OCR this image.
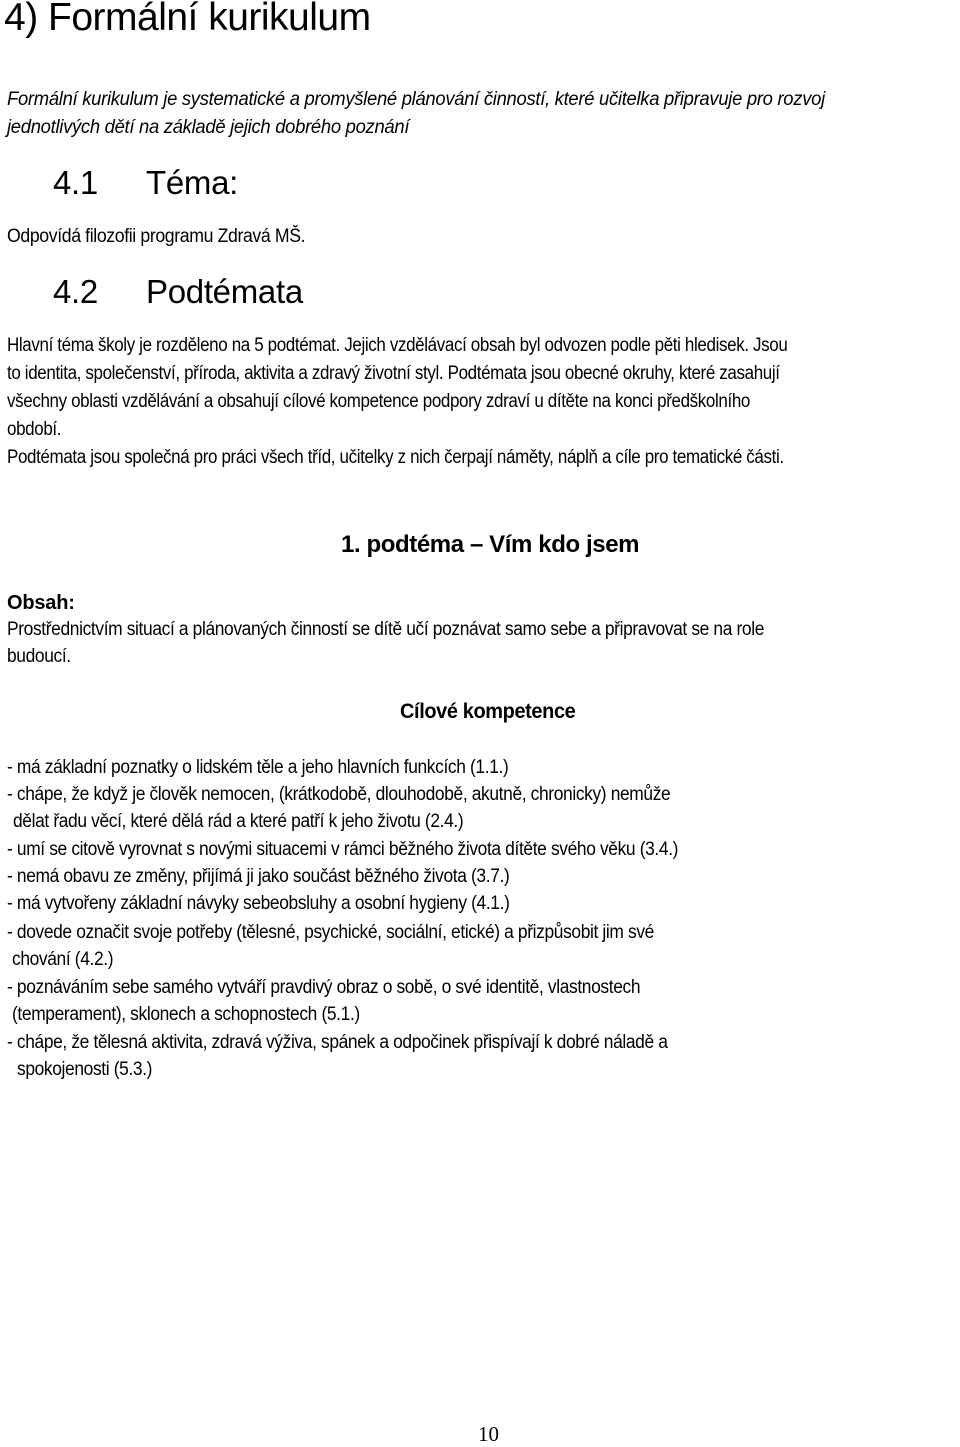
4) Formální kurikulum
Formální kurikulum je systematické a promyšlené plánování činností, které učitelka připravuje pro rozvoj
jednotlivých dětí na základě jejich dobrého poznání
4.1 Téma:
Odpovídá filozofii programu Zdravá MŠ.
4.2 Podtémata
Hlavní téma školy je rozděleno na 5 podtémat. Jejich vzdělávací obsah byl odvozen podle pěti hledisek. Jsou
to identita, společenství, příroda, aktivita a zdravý životní styl. Podtémata jsou obecné okruhy, které zasahují
všechny oblasti vzdělávání a obsahují cílové kompetence podpory zdraví u dítěte na konci předškolního
období.
Podtémata jsou společná pro práci všech tříd, učitelky z nich čerpají náměty, náplň a cíle pro tematické části.
1. podtéma – Vím kdo jsem
Obsah:
Prostřednictvím situací a plánovaných činností se dítě učí poznávat samo sebe a připravovat se na role
budoucí.
Cílové kompetence
- má základní poznatky o lidském těle a jeho hlavních funkcích (1.1.)
- chápe, že když je člověk nemocen, (krátkodobě, dlouhodobě, akutně, chronicky) nemůže
dělat řadu věcí, které dělá rád a které patří k jeho životu (2.4.)
- umí se citově vyrovnat s novými situacemi v rámci běžného života dítěte svého věku (3.4.)
- nemá obavu ze změny, přijímá ji jako součást běžného života (3.7.)
- má vytvořeny základní návyky sebeobsluhy a osobní hygieny (4.1.)
- dovede označit svoje potřeby (tělesné, psychické, sociální, etické) a přizpůsobit jim své
chování (4.2.)
- poznáváním sebe samého vytváří pravdivý obraz o sobě, o své identitě, vlastnostech
(temperament), sklonech a schopnostech (5.1.)
- chápe, že tělesná aktivita, zdravá výživa, spánek a odpočinek přispívají k dobré náladě a
spokojenosti (5.3.)
10
